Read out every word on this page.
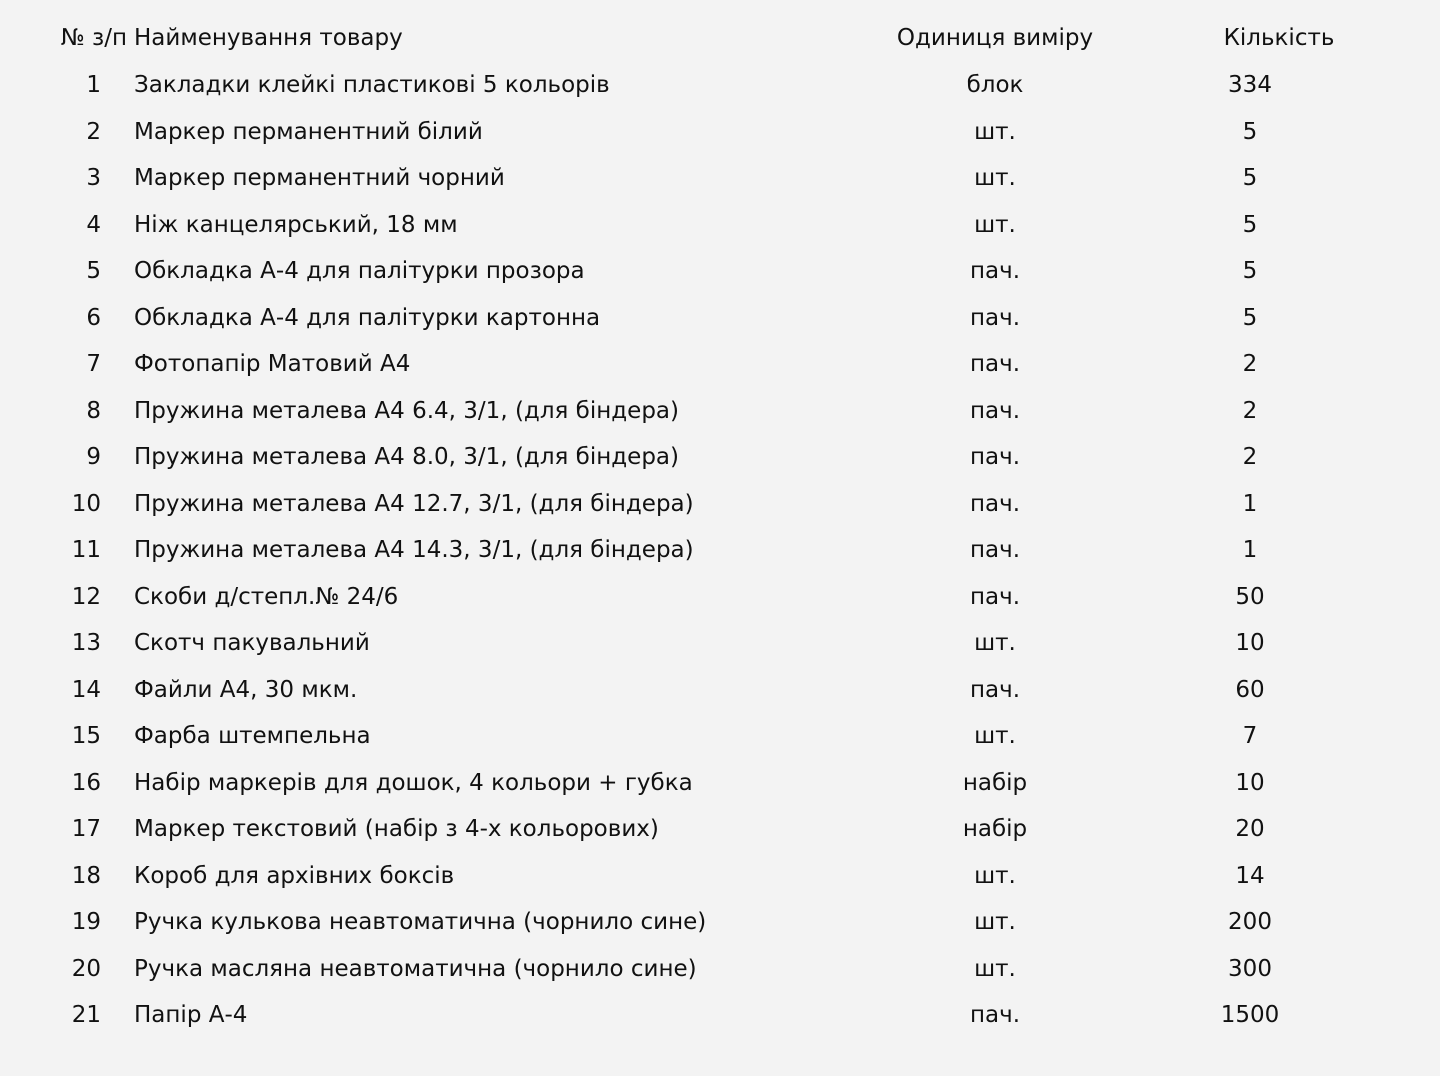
№ з/п	Найменування товару	Одиниця виміру	Кількість
1	Закладки клейкі пластикові 5 кольорів	блок	334
2	Маркер перманентний білий	шт.	5
3	Маркер перманентний чорний	шт.	5
4	Ніж канцелярський, 18 мм	шт.	5
5	Обкладка А-4 для палітурки прозора	пач.	5
6	Обкладка А-4 для палітурки картонна	пач.	5
7	Фотопапір Матовий А4	пач.	2
8	Пружина металева А4 6.4, 3/1, (для біндера)	пач.	2
9	Пружина металева А4 8.0, 3/1, (для біндера)	пач.	2
10	Пружина металева А4 12.7, 3/1, (для біндера)	пач.	1
11	Пружина металева А4 14.3, 3/1, (для біндера)	пач.	1
12	Скоби д/степл.№ 24/6	пач.	50
13	Скотч пакувальний	шт.	10
14	Файли А4, 30 мкм.	пач.	60
15	Фарба штемпельна	шт.	7
16	Набір маркерів для дошок, 4 кольори + губка	набір	10
17	Маркер текстовий (набір з 4-х кольорових)	набір	20
18	Короб для архівних боксів	шт.	14
19	Ручка кулькова неавтоматична (чорнило сине)	шт.	200
20	Ручка масляна неавтоматична (чорнило сине)	шт.	300
21	Папір А-4	пач.	1500
